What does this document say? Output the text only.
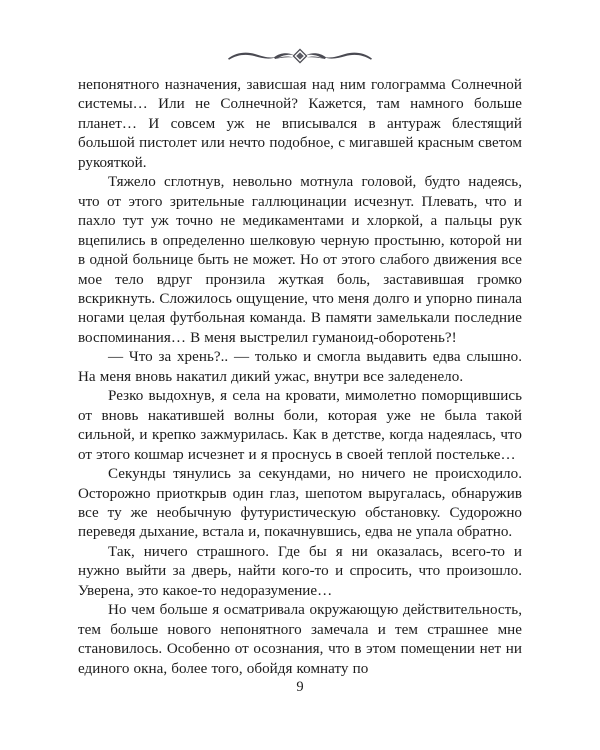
непонятного назначения, зависшая над ним голограмма Солнечной системы… Или не Солнечной? Кажется, там намного больше планет… И совсем уж не вписывался в антураж блестящий большой пистолет или нечто подобное, с мигавшей красным светом рукояткой.

Тяжело сглотнув, невольно мотнула головой, будто надеясь, что от этого зрительные галлюцинации исчезнут. Плевать, что и пахло тут уж точно не медикаментами и хлоркой, а пальцы рук вцепились в определенно шелковую черную простыню, которой ни в одной больнице быть не может. Но от этого слабого движения все мое тело вдруг пронзила жуткая боль, заставившая громко вскрикнуть. Сложилось ощущение, что меня долго и упорно пинала ногами целая футбольная команда. В памяти замелькали последние воспоминания… В меня выстрелил гуманоид-оборотень?!

— Что за хрень?.. — только и смогла выдавить едва слышно. На меня вновь накатил дикий ужас, внутри все заледенело.

Резко выдохнув, я села на кровати, мимолетно поморщившись от вновь накатившей волны боли, которая уже не была такой сильной, и крепко зажмурилась. Как в детстве, когда надеялась, что от этого кошмар исчезнет и я проснусь в своей теплой постельке…

Секунды тянулись за секундами, но ничего не происходило. Осторожно приоткрыв один глаз, шепотом выругалась, обнаружив все ту же необычную футуристическую обстановку. Судорожно переведя дыхание, встала и, покачнувшись, едва не упала обратно.

Так, ничего страшного. Где бы я ни оказалась, всего-то и нужно выйти за дверь, найти кого-то и спросить, что произошло. Уверена, это какое-то недоразумение…

Но чем больше я осматривала окружающую действительность, тем больше нового непонятного замечала и тем страшнее мне становилось. Особенно от осознания, что в этом помещении нет ни единого окна, более того, обойдя комнату по

9
